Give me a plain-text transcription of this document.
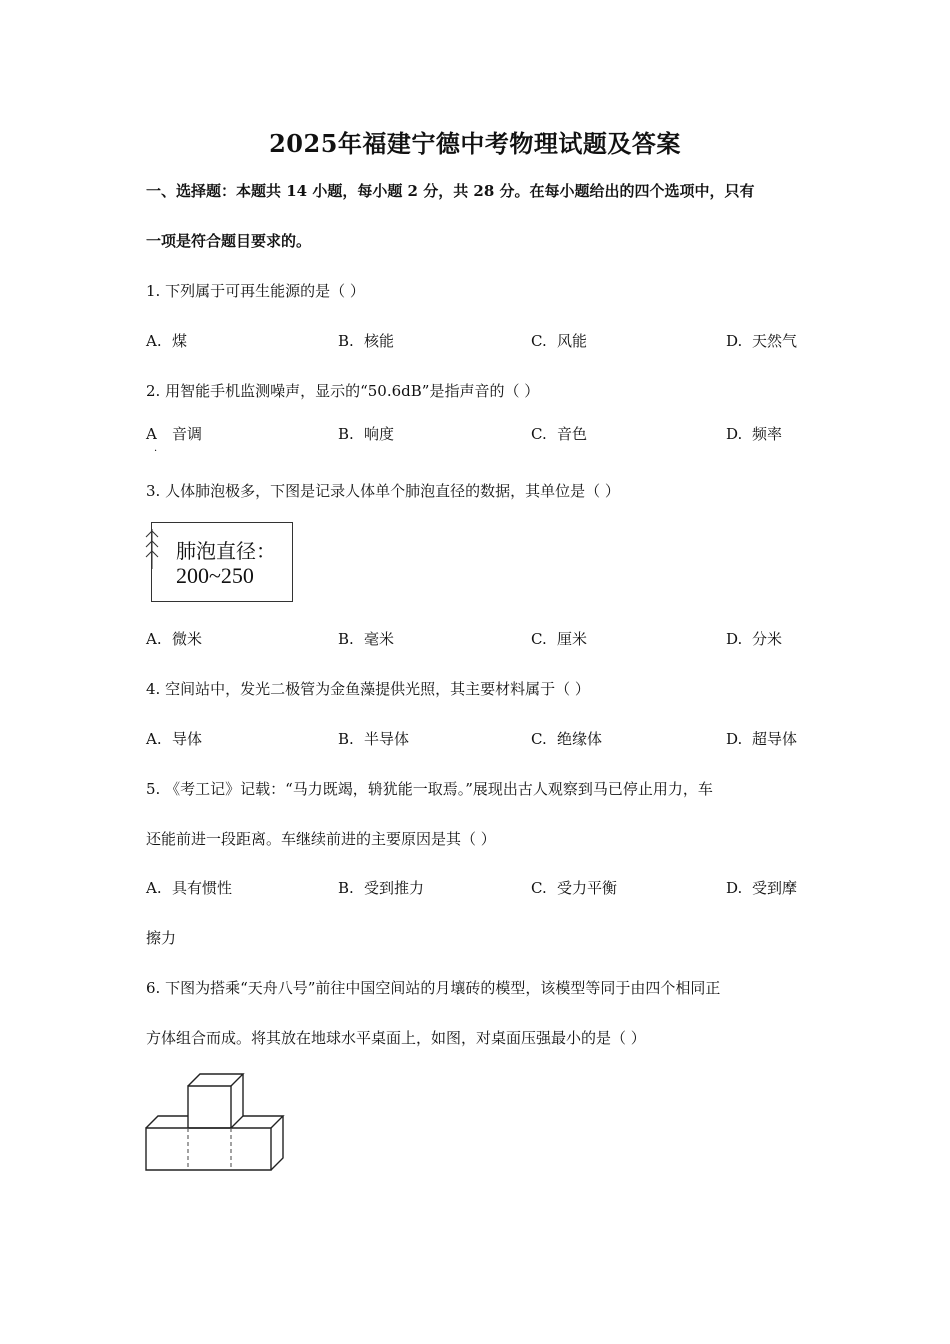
2025年福建宁德中考物理试题及答案
一、选择题：本题共 14 小题，每小题 2 分，共 28 分。在每小题给出的四个选项中，只有
一项是符合题目要求的。
1. 下列属于可再生能源的是（ ）
A. 煤	B. 核能	C. 风能	D. 天然气
2. 用智能手机监测噪声，显示的“50.6dB”是指声音的（ ）
A 音调	B. 响度	C. 音色	D. 频率
·
3. 人体肺泡极多，下图是记录人体单个肺泡直径的数据，其单位是（ ）
肺泡直径：
200~250
A. 微米	B. 毫米	C. 厘米	D. 分米
4. 空间站中，发光二极管为金鱼藻提供光照，其主要材料属于（ ）
A. 导体	B. 半导体	C. 绝缘体	D. 超导体
5. 《考工记》记载：“马力既竭，辀犹能一取焉。”展现出古人观察到马已停止用力，车
还能前进一段距离。车继续前进的主要原因是其（ ）
A. 具有惯性	B. 受到推力	C. 受力平衡	D. 受到摩
擦力
6. 下图为搭乘“天舟八号”前往中国空间站的月壤砖的模型，该模型等同于由四个相同正
方体组合而成。将其放在地球水平桌面上，如图，对桌面压强最小的是（ ）
